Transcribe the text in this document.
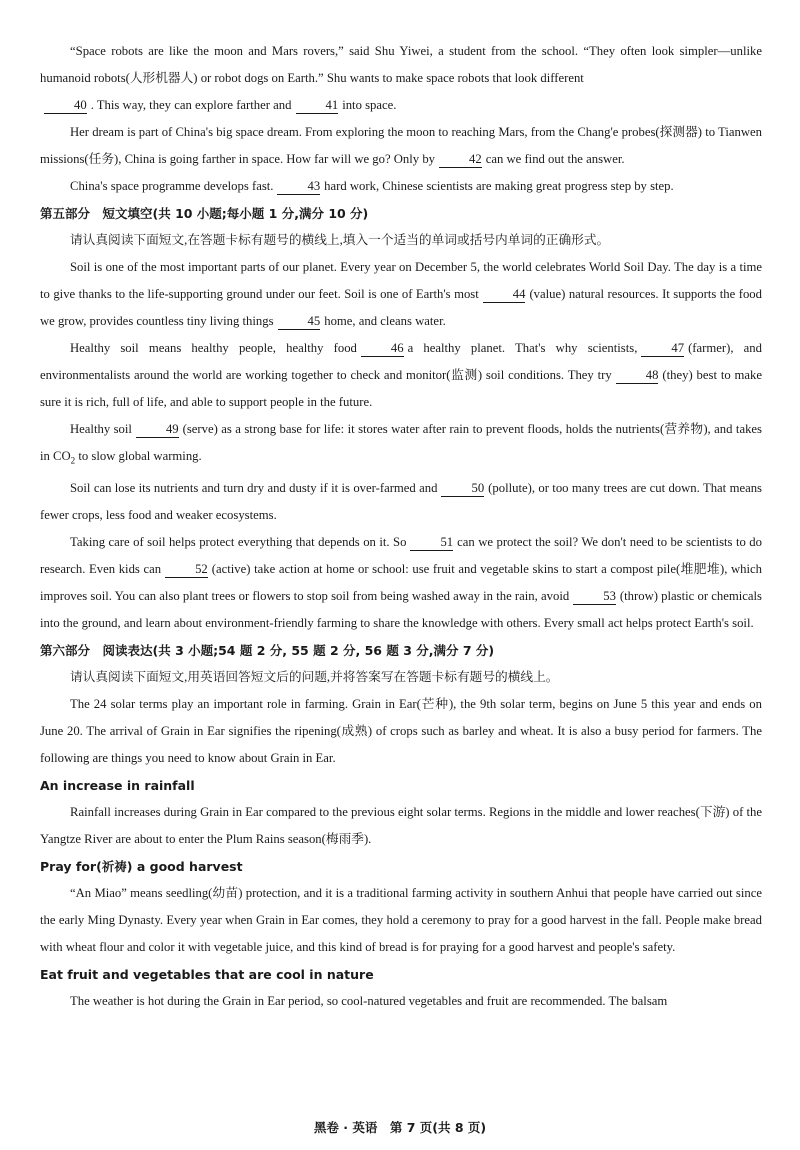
“Space robots are like the moon and Mars rovers,” said Shu Yiwei, a student from the school. “They often look simpler—unlike humanoid robots(人形机器人) or robot dogs on Earth.” Shu wants to make space robots that look different
40 . This way, they can explore farther and	41 into space.

Her dream is part of China's big space dream. From exploring the moon to reaching Mars, from the Chang'e probes(探测器) to Tianwen missions(任务), China is going farther in space. How far will we go? Only by	42 can we find out the answer.

China's space programme develops fast.	43 hard work, Chinese scientists are making great progress step by step.

第五部分　短文填空(共 10 小题;每小题 1 分,满分 10 分)

请认真阅读下面短文,在答题卡标有题号的横线上,填入一个适当的单词或括号内单词的正确形式。

Soil is one of the most important parts of our planet. Every year on December 5, the world celebrates World Soil Day. The day is a time to give thanks to the life-supporting ground under our feet. Soil is one of Earth's most	44 (value) natural resources. It supports the food we grow, provides countless tiny living things	45 home, and cleans water.

Healthy soil means healthy people, healthy food	46 a healthy planet. That's why scientists,	47 (farmer), and environmentalists around the world are working together to check and monitor(监测) soil conditions. They try	48 (they) best to make sure it is rich, full of life, and able to support people in the future.

Healthy soil	49 (serve) as a strong base for life: it stores water after rain to prevent floods, holds the nutrients(营养物), and takes in $CO_2$ to slow global warming.

Soil can lose its nutrients and turn dry and dusty if it is over-farmed and	50 (pollute), or too many trees are cut down. That means fewer crops, less food and weaker ecosystems.

Taking care of soil helps protect everything that depends on it. So	51 can we protect the soil? We don't need to be scientists to do research. Even kids can	52 (active) take action at home or school: use fruit and vegetable skins to start a compost pile(堆肥堆), which improves soil. You can also plant trees or flowers to stop soil from being washed away in the rain, avoid	53 (throw) plastic or chemicals into the ground, and learn about environment-friendly farming to share the knowledge with others. Every small act helps protect Earth's soil.

第六部分　阅读表达(共 3 小题;54 题 2 分, 55 题 2 分, 56 题 3 分,满分 7 分)

请认真阅读下面短文,用英语回答短文后的问题,并将答案写在答题卡标有题号的横线上。

The 24 solar terms play an important role in farming. Grain in Ear(芒种), the 9th solar term, begins on June 5 this year and ends on June 20. The arrival of Grain in Ear signifies the ripening(成熟) of crops such as barley and wheat. It is also a busy period for farmers. The following are things you need to know about Grain in Ear.

An increase in rainfall

Rainfall increases during Grain in Ear compared to the previous eight solar terms. Regions in the middle and lower reaches(下游) of the Yangtze River are about to enter the Plum Rains season(梅雨季).

Pray for(祈祷) a good harvest

“An Miao” means seedling(幼苗) protection, and it is a traditional farming activity in southern Anhui that people have carried out since the early Ming Dynasty. Every year when Grain in Ear comes, they hold a ceremony to pray for a good harvest in the fall. People make bread with wheat flour and color it with vegetable juice, and this kind of bread is for praying for a good harvest and people's safety.

Eat fruit and vegetables that are cool in nature

The weather is hot during the Grain in Ear period, so cool-natured vegetables and fruit are recommended. The balsam

黑卷 · 英语　第 7 页(共 8 页)
